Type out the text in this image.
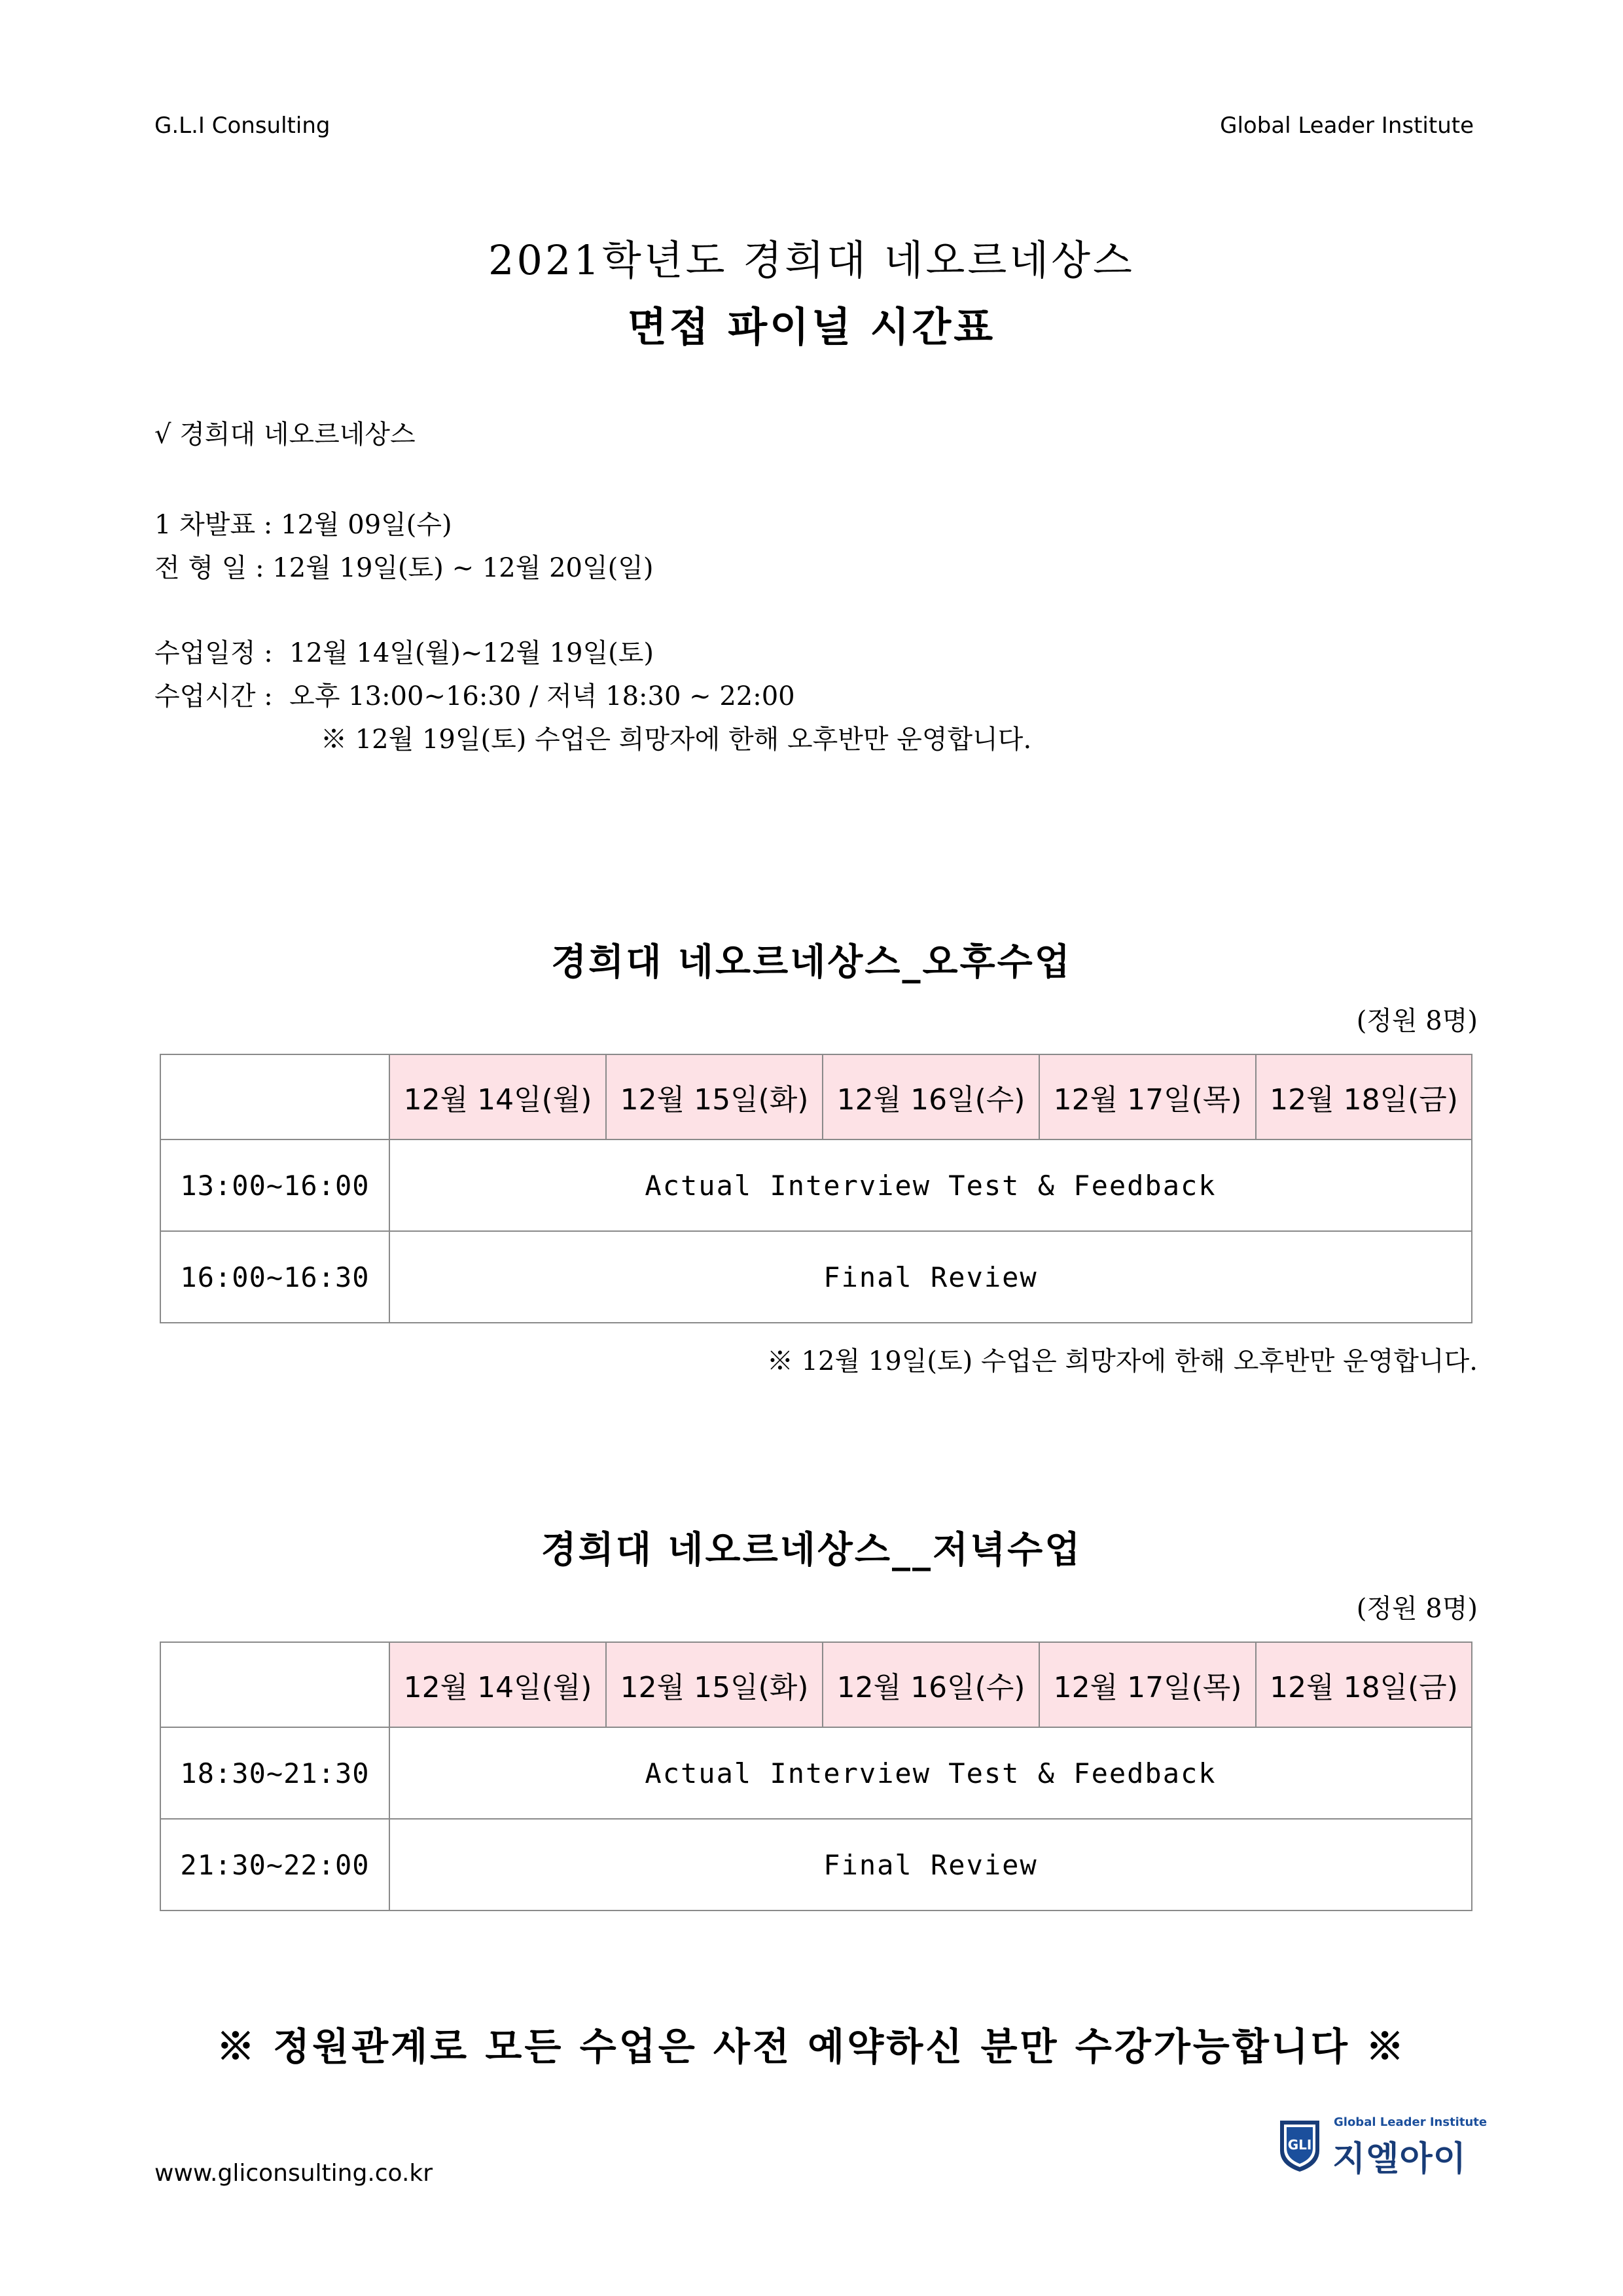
G.L.I Consulting	Global Leader Institute
2021학년도 경희대 네오르네상스
면접 파이널 시간표
√ 경희대 네오르네상스
1 차발표 : 12월 09일(수)
전 형 일 : 12월 19일(토) ~ 12월 20일(일)
수업일정 :  12월 14일(월)~12월 19일(토)
수업시간 :  오후 13:00~16:30 / 저녁 18:30 ~ 22:00
※ 12월 19일(토) 수업은 희망자에 한해 오후반만 운영합니다.
경희대 네오르네상스_오후수업
(정원 8명)
	12월 14일(월)	12월 15일(화)	12월 16일(수)	12월 17일(목)	12월 18일(금)
13:00~16:00	Actual Interview Test & Feedback				
16:00~16:30	Final Review				
※ 12월 19일(토) 수업은 희망자에 한해 오후반만 운영합니다.
경희대 네오르네상스__저녁수업
(정원 8명)
	12월 14일(월)	12월 15일(화)	12월 16일(수)	12월 17일(목)	12월 18일(금)
18:30~21:30	Actual Interview Test & Feedback				
21:30~22:00	Final Review				
※ 정원관계로 모든 수업은 사전 예약하신 분만 수강가능합니다 ※
www.gliconsulting.co.kr
GLI
Global Leader Institute
지엘아이
